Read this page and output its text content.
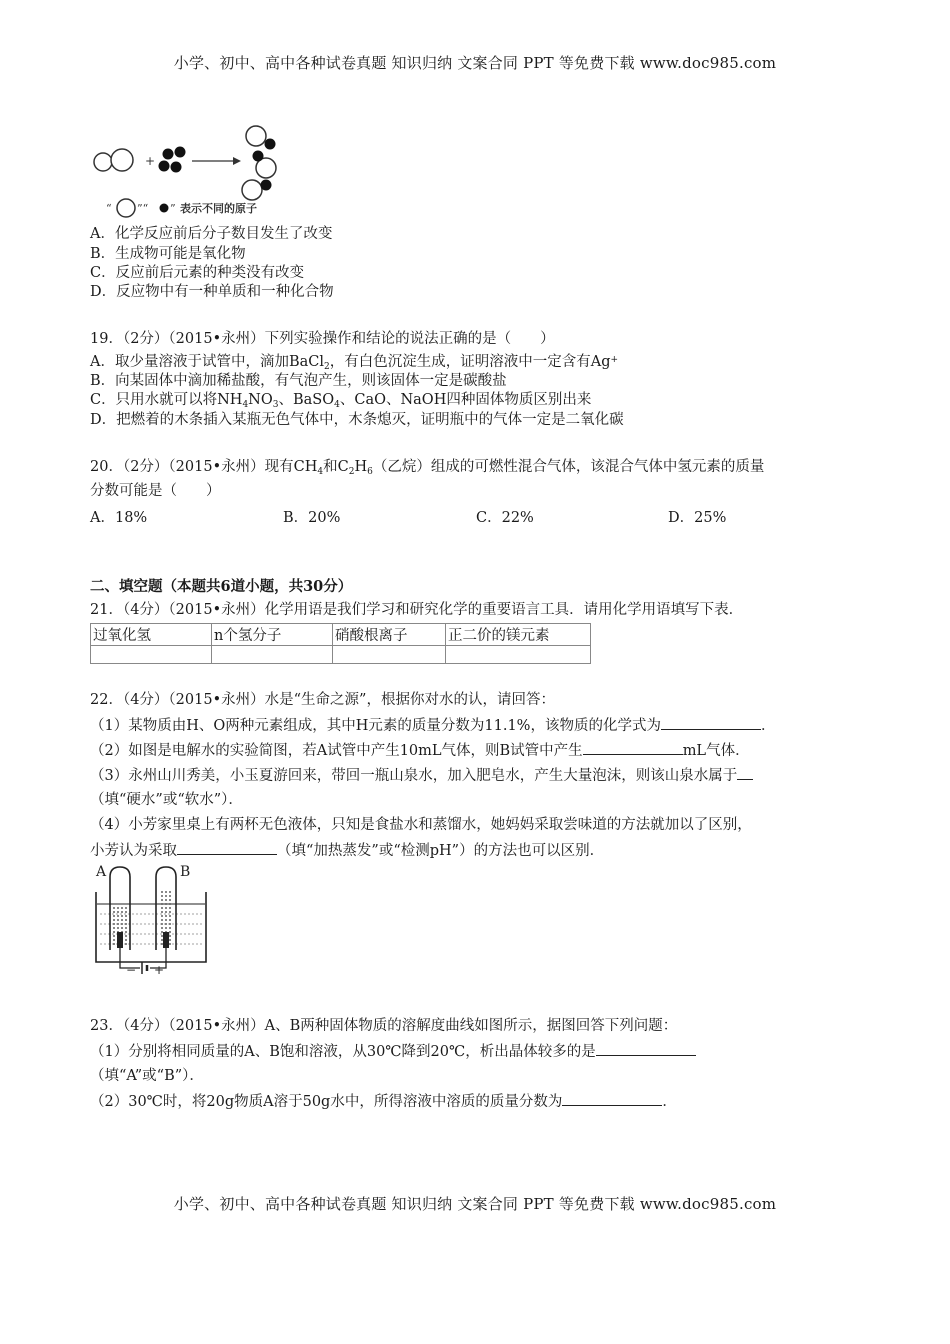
小学、初中、高中各种试卷真题 知识归纳 文案合同 PPT 等免费下载 www.doc985.com
+
“ ”“ ” 表示不同的原子
A．化学反应前后分子数目发生了改变
B．生成物可能是氧化物
C．反应前后元素的种类没有改变
D．反应物中有一种单质和一种化合物
19．（2分）（2015•永州）下列实验操作和结论的说法正确的是（　　）
A．取少量溶液于试管中，滴加BaCl$_2$，有白色沉淀生成，证明溶液中一定含有Ag+
B．向某固体中滴加稀盐酸，有气泡产生，则该固体一定是碳酸盐
C．只用水就可以将$NH_4NO_3$、BaSO$_4$、CaO、NaOH四种固体物质区别出来
D．把燃着的木条插入某瓶无色气体中，木条熄灭，证明瓶中的气体一定是二氧化碳
20．（2分）（2015•永州）现有$CH_4$和$C_2H_6$（乙烷）组成的可燃性混合气体，该混合气体中氢元素的质量
分数可能是（　　）
A．18%	B．20%	C．22%	D．25%
二、填空题（本题共6道小题，共30分）
21．（4分）（2015•永州）化学用语是我们学习和研究化学的重要语言工具．请用化学用语填写下表．
过氧化氢	n个氢分子	硝酸根离子	正二价的镁元素

22．（4分）（2015•永州）水是“生命之源”，根据你对水的认，请回答：
（1）某物质由H、O两种元素组成，其中H元素的质量分数为11.1%，该物质的化学式为	．
（2）如图是电解水的实验简图，若A试管中产生10mL气体，则B试管中产生	mL气体．
（3）永州山川秀美，小玉夏游回来，带回一瓶山泉水，加入肥皂水，产生大量泡沫，则该山泉水属于
（填“硬水”或“软水”）．
（4）小芳家里桌上有两杯无色液体，只知是食盐水和蒸馏水，她妈妈采取尝味道的方法就加以了区别，
小芳认为采取	（填“加热蒸发”或“检测pH”）的方法也可以区别．
A	B
− +
23．（4分）（2015•永州）A、B两种固体物质的溶解度曲线如图所示，据图回答下列问题：
（1）分别将相同质量的A、B饱和溶液，从30℃降到20℃，析出晶体较多的是
（填“A”或“B”）．
（2）30℃时，将20g物质A溶于50g水中，所得溶液中溶质的质量分数为	．
小学、初中、高中各种试卷真题 知识归纳 文案合同 PPT 等免费下载 www.doc985.com
